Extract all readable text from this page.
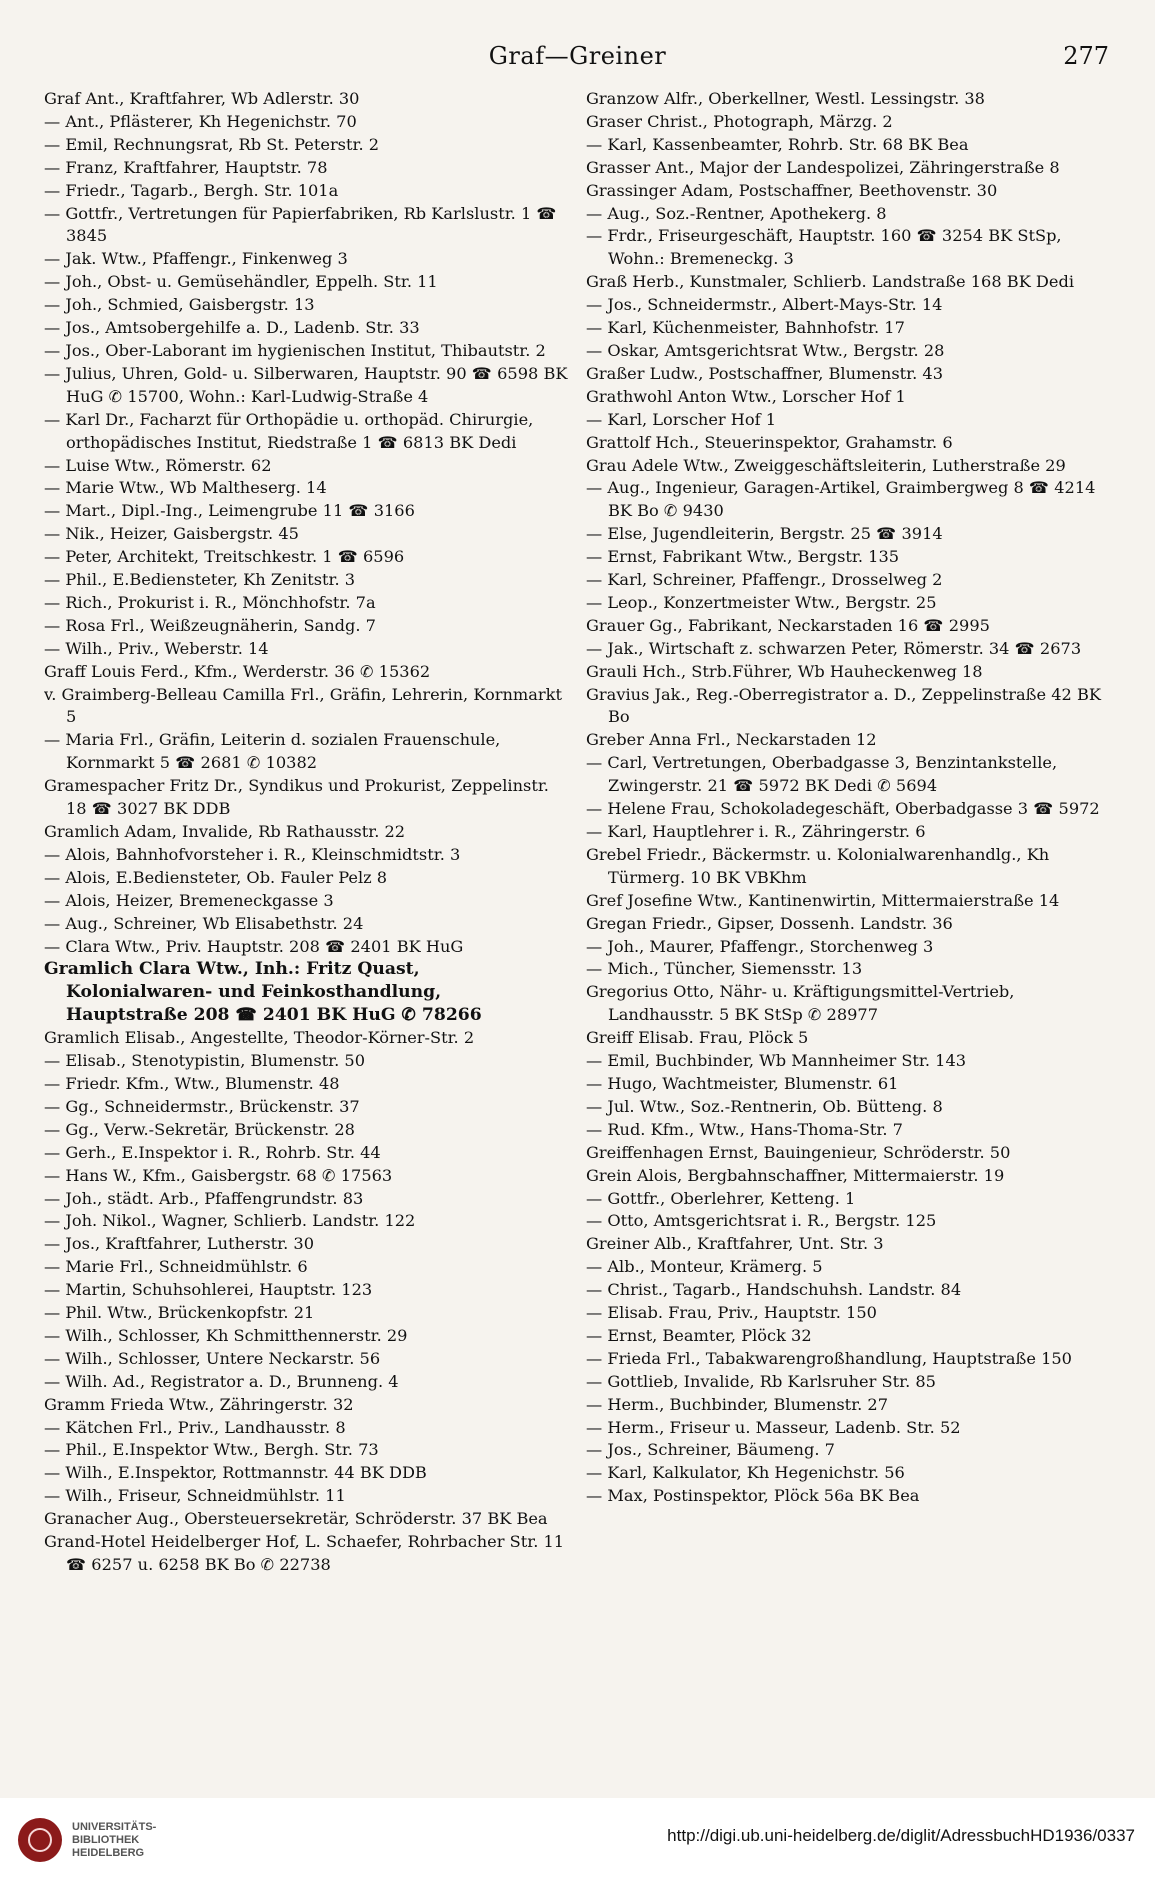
Graf—Greiner	277

Graf Ant., Kraftfahrer, Wb Adlerstr. 30

— Ant., Pflästerer, Kh Hegenichstr. 70

— Emil, Rechnungsrat, Rb St. Peterstr. 2

— Franz, Kraftfahrer, Hauptstr. 78

— Friedr., Tagarb., Bergh. Str. 101a

— Gottfr., Vertretungen für Papierfabriken, Rb Karlslustr. 1 ☎ 3845

— Jak. Wtw., Pfaffengr., Finkenweg 3

— Joh., Obst- u. Gemüsehändler, Eppelh. Str. 11

— Joh., Schmied, Gaisbergstr. 13

— Jos., Amtsobergehilfe a. D., Ladenb. Str. 33

— Jos., Ober-Laborant im hygienischen Institut, Thibautstr. 2

— Julius, Uhren, Gold- u. Silberwaren, Hauptstr. 90 ☎ 6598 BK HuG ✆ 15700, Wohn.: Karl-Ludwig-Straße 4

— Karl Dr., Facharzt für Orthopädie u. orthopäd. Chirurgie, orthopädisches Institut, Riedstraße 1 ☎ 6813 BK Dedi

— Luise Wtw., Römerstr. 62

— Marie Wtw., Wb Maltheserg. 14

— Mart., Dipl.-Ing., Leimengrube 11 ☎ 3166

— Nik., Heizer, Gaisbergstr. 45

— Peter, Architekt, Treitschkestr. 1 ☎ 6596

— Phil., E.Bediensteter, Kh Zenitstr. 3

— Rich., Prokurist i. R., Mönchhofstr. 7a

— Rosa Frl., Weißzeugnäherin, Sandg. 7

— Wilh., Priv., Weberstr. 14

Graff Louis Ferd., Kfm., Werderstr. 36 ✆ 15362

v. Graimberg-Belleau Camilla Frl., Gräfin, Lehrerin, Kornmarkt 5

— Maria Frl., Gräfin, Leiterin d. sozialen Frauenschule, Kornmarkt 5 ☎ 2681 ✆ 10382

Gramespacher Fritz Dr., Syndikus und Prokurist, Zeppelinstr. 18 ☎ 3027 BK DDB

Gramlich Adam, Invalide, Rb Rathausstr. 22

— Alois, Bahnhofvorsteher i. R., Kleinschmidtstr. 3

— Alois, E.Bediensteter, Ob. Fauler Pelz 8

— Alois, Heizer, Bremeneckgasse 3

— Aug., Schreiner, Wb Elisabethstr. 24

— Clara Wtw., Priv. Hauptstr. 208 ☎ 2401 BK HuG

Gramlich Clara Wtw., Inh.: Fritz Quast, Kolonialwaren- und Feinkosthandlung, Hauptstraße 208 ☎ 2401 BK HuG ✆ 78266

Gramlich Elisab., Angestellte, Theodor-Körner-Str. 2

— Elisab., Stenotypistin, Blumenstr. 50

— Friedr. Kfm., Wtw., Blumenstr. 48

— Gg., Schneidermstr., Brückenstr. 37

— Gg., Verw.-Sekretär, Brückenstr. 28

— Gerh., E.Inspektor i. R., Rohrb. Str. 44

— Hans W., Kfm., Gaisbergstr. 68 ✆ 17563

— Joh., städt. Arb., Pfaffengrundstr. 83

— Joh. Nikol., Wagner, Schlierb. Landstr. 122

— Jos., Kraftfahrer, Lutherstr. 30

— Marie Frl., Schneidmühlstr. 6

— Martin, Schuhsohlerei, Hauptstr. 123

— Phil. Wtw., Brückenkopfstr. 21

— Wilh., Schlosser, Kh Schmitthennerstr. 29

— Wilh., Schlosser, Untere Neckarstr. 56

— Wilh. Ad., Registrator a. D., Brunneng. 4

Gramm Frieda Wtw., Zähringerstr. 32

— Kätchen Frl., Priv., Landhausstr. 8

— Phil., E.Inspektor Wtw., Bergh. Str. 73

— Wilh., E.Inspektor, Rottmannstr. 44 BK DDB

— Wilh., Friseur, Schneidmühlstr. 11

Granacher Aug., Obersteuersekretär, Schröderstr. 37 BK Bea

Grand-Hotel Heidelberger Hof, L. Schaefer, Rohrbacher Str. 11 ☎ 6257 u. 6258 BK Bo ✆ 22738

Granzow Alfr., Oberkellner, Westl. Lessingstr. 38

Graser Christ., Photograph, Märzg. 2

— Karl, Kassenbeamter, Rohrb. Str. 68 BK Bea

Grasser Ant., Major der Landespolizei, Zähringerstraße 8

Grassinger Adam, Postschaffner, Beethovenstr. 30

— Aug., Soz.-Rentner, Apothekerg. 8

— Frdr., Friseurgeschäft, Hauptstr. 160 ☎ 3254 BK StSp, Wohn.: Bremeneckg. 3

Graß Herb., Kunstmaler, Schlierb. Landstraße 168 BK Dedi

— Jos., Schneidermstr., Albert-Mays-Str. 14

— Karl, Küchenmeister, Bahnhofstr. 17

— Oskar, Amtsgerichtsrat Wtw., Bergstr. 28

Graßer Ludw., Postschaffner, Blumenstr. 43

Grathwohl Anton Wtw., Lorscher Hof 1

— Karl, Lorscher Hof 1

Grattolf Hch., Steuerinspektor, Grahamstr. 6

Grau Adele Wtw., Zweiggeschäftsleiterin, Lutherstraße 29

— Aug., Ingenieur, Garagen-Artikel, Graimbergweg 8 ☎ 4214 BK Bo ✆ 9430

— Else, Jugendleiterin, Bergstr. 25 ☎ 3914

— Ernst, Fabrikant Wtw., Bergstr. 135

— Karl, Schreiner, Pfaffengr., Drosselweg 2

— Leop., Konzertmeister Wtw., Bergstr. 25

Grauer Gg., Fabrikant, Neckarstaden 16 ☎ 2995

— Jak., Wirtschaft z. schwarzen Peter, Römerstr. 34 ☎ 2673

Grauli Hch., Strb.Führer, Wb Hauheckenweg 18

Gravius Jak., Reg.-Oberregistrator a. D., Zeppelinstraße 42 BK Bo

Greber Anna Frl., Neckarstaden 12

— Carl, Vertretungen, Oberbadgasse 3, Benzintankstelle, Zwingerstr. 21 ☎ 5972 BK Dedi ✆ 5694

— Helene Frau, Schokoladegeschäft, Oberbadgasse 3 ☎ 5972

— Karl, Hauptlehrer i. R., Zähringerstr. 6

Grebel Friedr., Bäckermstr. u. Kolonialwarenhandlg., Kh Türmerg. 10 BK VBKhm

Gref Josefine Wtw., Kantinenwirtin, Mittermaierstraße 14

Gregan Friedr., Gipser, Dossenh. Landstr. 36

— Joh., Maurer, Pfaffengr., Storchenweg 3

— Mich., Tüncher, Siemensstr. 13

Gregorius Otto, Nähr- u. Kräftigungsmittel-Vertrieb, Landhausstr. 5 BK StSp ✆ 28977

Greiff Elisab. Frau, Plöck 5

— Emil, Buchbinder, Wb Mannheimer Str. 143

— Hugo, Wachtmeister, Blumenstr. 61

— Jul. Wtw., Soz.-Rentnerin, Ob. Bütteng. 8

— Rud. Kfm., Wtw., Hans-Thoma-Str. 7

Greiffenhagen Ernst, Bauingenieur, Schröderstr. 50

Grein Alois, Bergbahnschaffner, Mittermaierstr. 19

— Gottfr., Oberlehrer, Ketteng. 1

— Otto, Amtsgerichtsrat i. R., Bergstr. 125

Greiner Alb., Kraftfahrer, Unt. Str. 3

— Alb., Monteur, Krämerg. 5

— Christ., Tagarb., Handschuhsh. Landstr. 84

— Elisab. Frau, Priv., Hauptstr. 150

— Ernst, Beamter, Plöck 32

— Frieda Frl., Tabakwarengroßhandlung, Hauptstraße 150

— Gottlieb, Invalide, Rb Karlsruher Str. 85

— Herm., Buchbinder, Blumenstr. 27

— Herm., Friseur u. Masseur, Ladenb. Str. 52

— Jos., Schreiner, Bäumeng. 7

— Karl, Kalkulator, Kh Hegenichstr. 56

— Max, Postinspektor, Plöck 56a BK Bea

UNIVERSITÄTS-
BIBLIOTHEK
HEIDELBERG
http://digi.ub.uni-heidelberg.de/diglit/AdressbuchHD1936/0337
